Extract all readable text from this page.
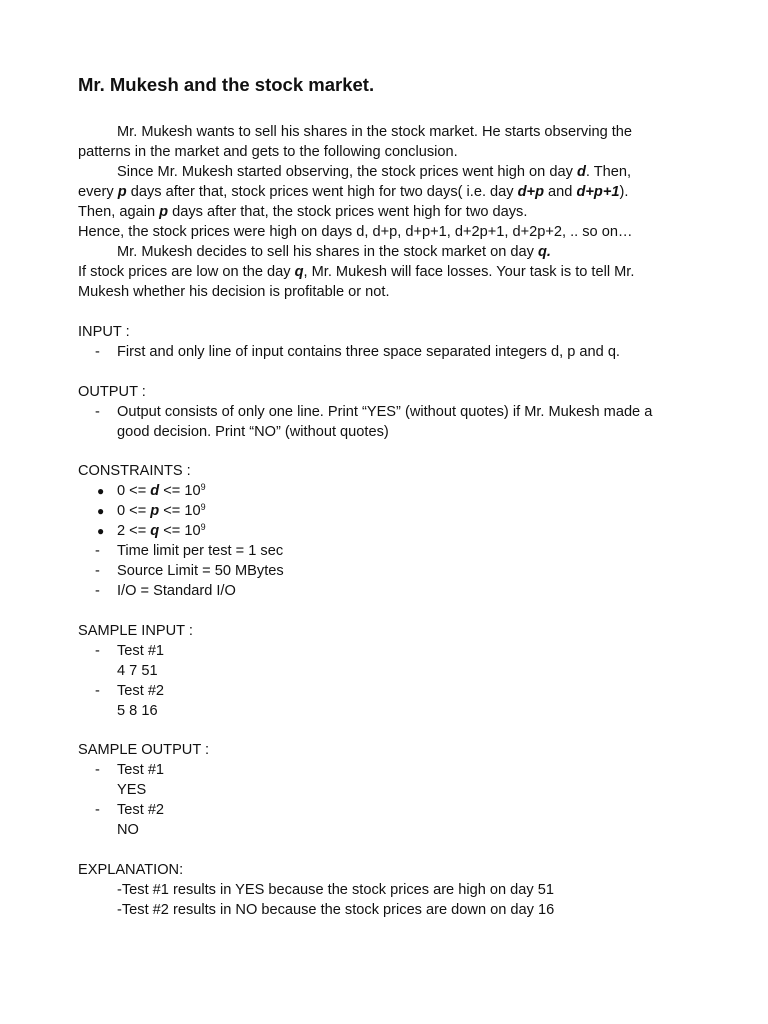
Mr. Mukesh and the stock market.
Mr. Mukesh wants to sell his shares in the stock market. He starts observing the
patterns in the market and gets to the following conclusion.
Since Mr. Mukesh started observing, the stock prices went high on day d. Then,
every p days after that, stock prices went high for two days( i.e. day d+p and d+p+1).
Then, again p days after that, the stock prices went high for two days.
Hence, the stock prices were high on days d, d+p, d+p+1, d+2p+1, d+2p+2, .. so on…
Mr. Mukesh decides to sell his shares in the stock market on day q.
If stock prices are low on the day q, Mr. Mukesh will face losses. Your task is to tell Mr.
Mukesh whether his decision is profitable or not.
INPUT :
- First and only line of input contains three space separated integers d, p and q.
OUTPUT :
- Output consists of only one line. Print “YES” (without quotes) if Mr. Mukesh made a
good decision. Print “NO” (without quotes)
CONSTRAINTS :
● $0 <= d <= 10^9$
● $0 <= p <= 10^9$
● $2 <= q <= 10^9$
- Time limit per test = 1 sec
- Source Limit = 50 MBytes
- I/O = Standard I/O
SAMPLE INPUT :
- Test #1
4 7 51
- Test #2
5 8 16
SAMPLE OUTPUT :
- Test #1
YES
- Test #2
NO
EXPLANATION:
-Test #1 results in YES because the stock prices are high on day 51
-Test #2 results in NO because the stock prices are down on day 16
